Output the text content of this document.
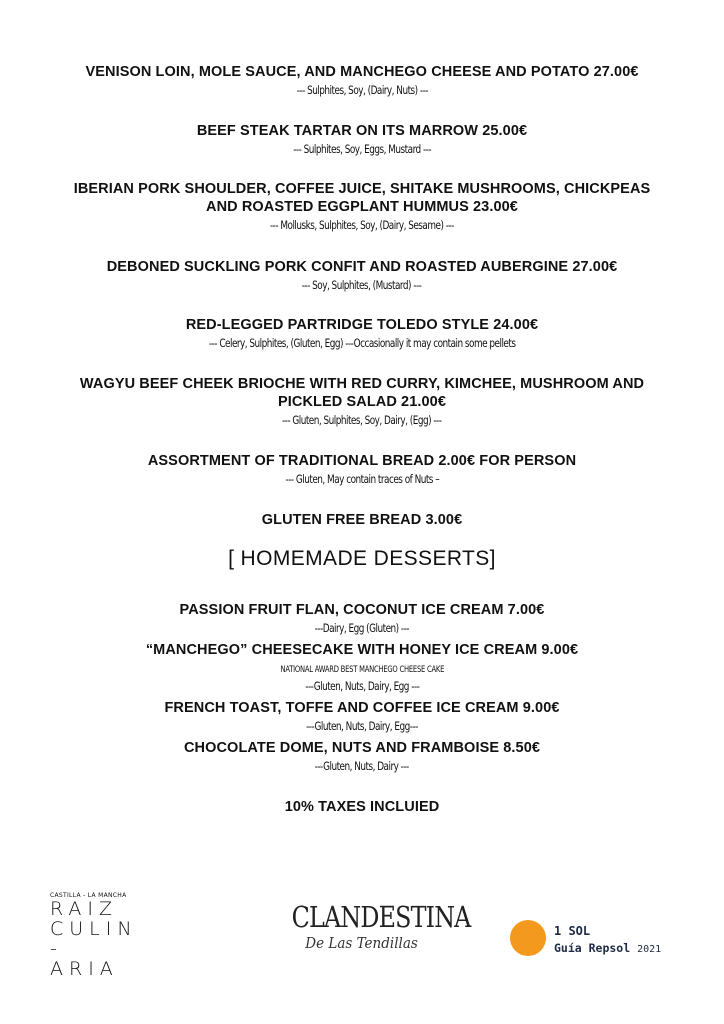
VENISON LOIN, MOLE SAUCE, AND MANCHEGO CHEESE AND POTATO 27.00€
--- Sulphites, Soy, (Dairy, Nuts) ---
BEEF STEAK TARTAR ON ITS MARROW 25.00€
--- Sulphites, Soy, Eggs, Mustard ---
IBERIAN PORK SHOULDER, COFFEE JUICE, SHITAKE MUSHROOMS, CHICKPEAS
AND ROASTED EGGPLANT HUMMUS 23.00€
--- Mollusks, Sulphites, Soy, (Dairy, Sesame) ---
DEBONED SUCKLING PORK CONFIT AND ROASTED AUBERGINE 27.00€
--- Soy, Sulphites, (Mustard) ---
RED-LEGGED PARTRIDGE TOLEDO STYLE 24.00€
--- Celery, Sulphites, (Gluten, Egg) ---Occasionally it may contain some pellets
WAGYU BEEF CHEEK BRIOCHE WITH RED CURRY, KIMCHEE, MUSHROOM AND
PICKLED SALAD 21.00€
--- Gluten, Sulphites, Soy, Dairy, (Egg) ---
ASSORTMENT OF TRADITIONAL BREAD 2.00€ FOR PERSON
--- Gluten, May contain traces of Nuts –
GLUTEN FREE BREAD 3.00€
[ HOMEMADE DESSERTS]
PASSION FRUIT FLAN, COCONUT ICE CREAM 7.00€
---Dairy, Egg (Gluten) ---
“MANCHEGO” CHEESECAKE WITH HONEY ICE CREAM 9.00€
NATIONAL AWARD BEST MANCHEGO CHEESE CAKE
---Gluten, Nuts, Dairy, Egg ---
FRENCH TOAST, TOFFE AND COFFEE ICE CREAM 9.00€
---Gluten, Nuts, Dairy, Egg---
CHOCOLATE DOME, NUTS AND FRAMBOISE 8.50€
---Gluten, Nuts, Dairy ---
10% TAXES INCLUIED
CASTILLA - LA MANCHA
RAIZ
CULIN
-ARIA
CLANDESTINA
De Las Tendillas
1 SOL
Guía Repsol 2021
